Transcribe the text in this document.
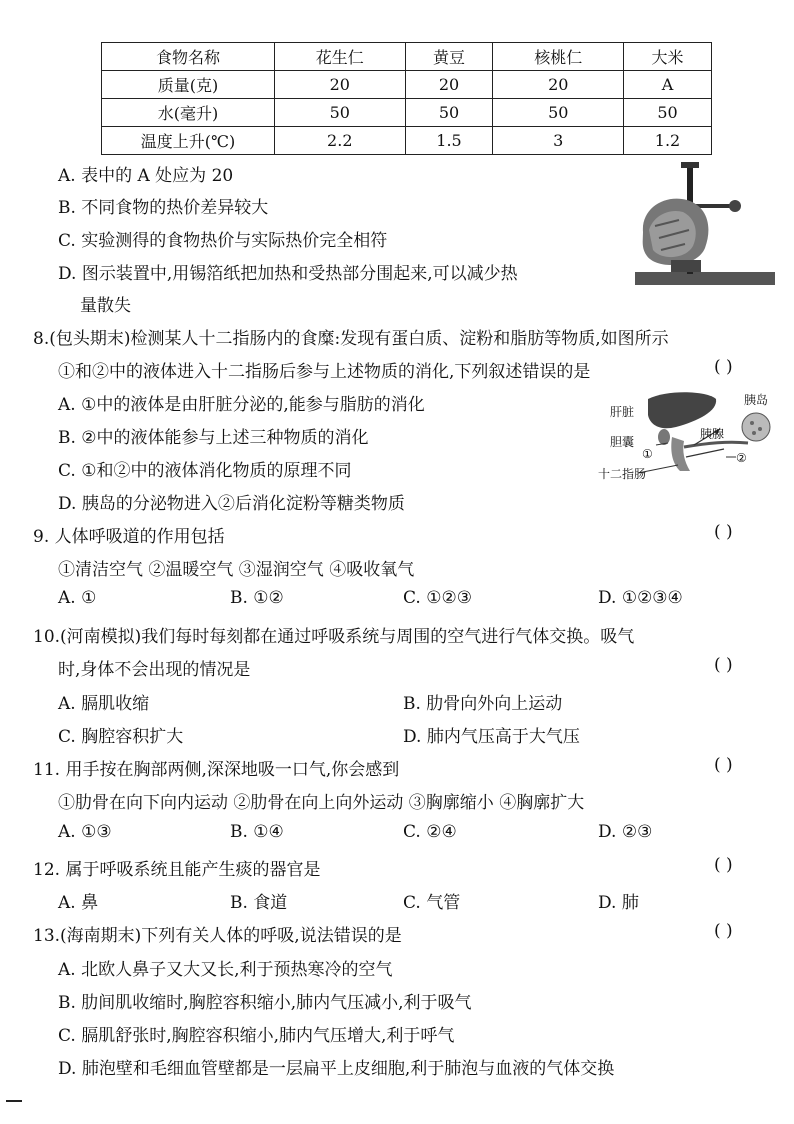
食物名称	花生仁	黄豆	核桃仁	大米
质量(克)	20	20	20	A
水(毫升)	50	50	50	50
温度上升(℃)	2.2	1.5	3	1.2
A. 表中的 A 处应为 20
B. 不同食物的热价差异较大
C. 实验测得的食物热价与实际热价完全相符
D. 图示装置中,用锡箔纸把加热和受热部分围起来,可以减少热
量散失
8.(包头期末)检测某人十二指肠内的食糜:发现有蛋白质、淀粉和脂肪等物质,如图所示
①和②中的液体进入十二指肠后参与上述物质的消化,下列叙述错误的是	( )
A. ①中的液体是由肝脏分泌的,能参与脂肪的消化
B. ②中的液体能参与上述三种物质的消化
C. ①和②中的液体消化物质的原理不同
D. 胰岛的分泌物进入②后消化淀粉等糖类物质
肝脏
胆囊
胰腺
胰岛
十二指肠
①	②
9. 人体呼吸道的作用包括	( )
①清洁空气 ②温暖空气 ③湿润空气 ④吸收氧气
A. ①	B. ①②	C. ①②③	D. ①②③④
10.(河南模拟)我们每时每刻都在通过呼吸系统与周围的空气进行气体交换。吸气
时,身体不会出现的情况是	( )
A. 膈肌收缩	B. 肋骨向外向上运动
C. 胸腔容积扩大	D. 肺内气压高于大气压
11. 用手按在胸部两侧,深深地吸一口气,你会感到	( )
①肋骨在向下向内运动 ②肋骨在向上向外运动 ③胸廓缩小 ④胸廓扩大
A. ①③	B. ①④	C. ②④	D. ②③
12. 属于呼吸系统且能产生痰的器官是	( )
A. 鼻	B. 食道	C. 气管	D. 肺
13.(海南期末)下列有关人体的呼吸,说法错误的是	( )
A. 北欧人鼻子又大又长,利于预热寒冷的空气
B. 肋间肌收缩时,胸腔容积缩小,肺内气压减小,利于吸气
C. 膈肌舒张时,胸腔容积缩小,肺内气压增大,利于呼气
D. 肺泡壁和毛细血管壁都是一层扁平上皮细胞,利于肺泡与血液的气体交换
